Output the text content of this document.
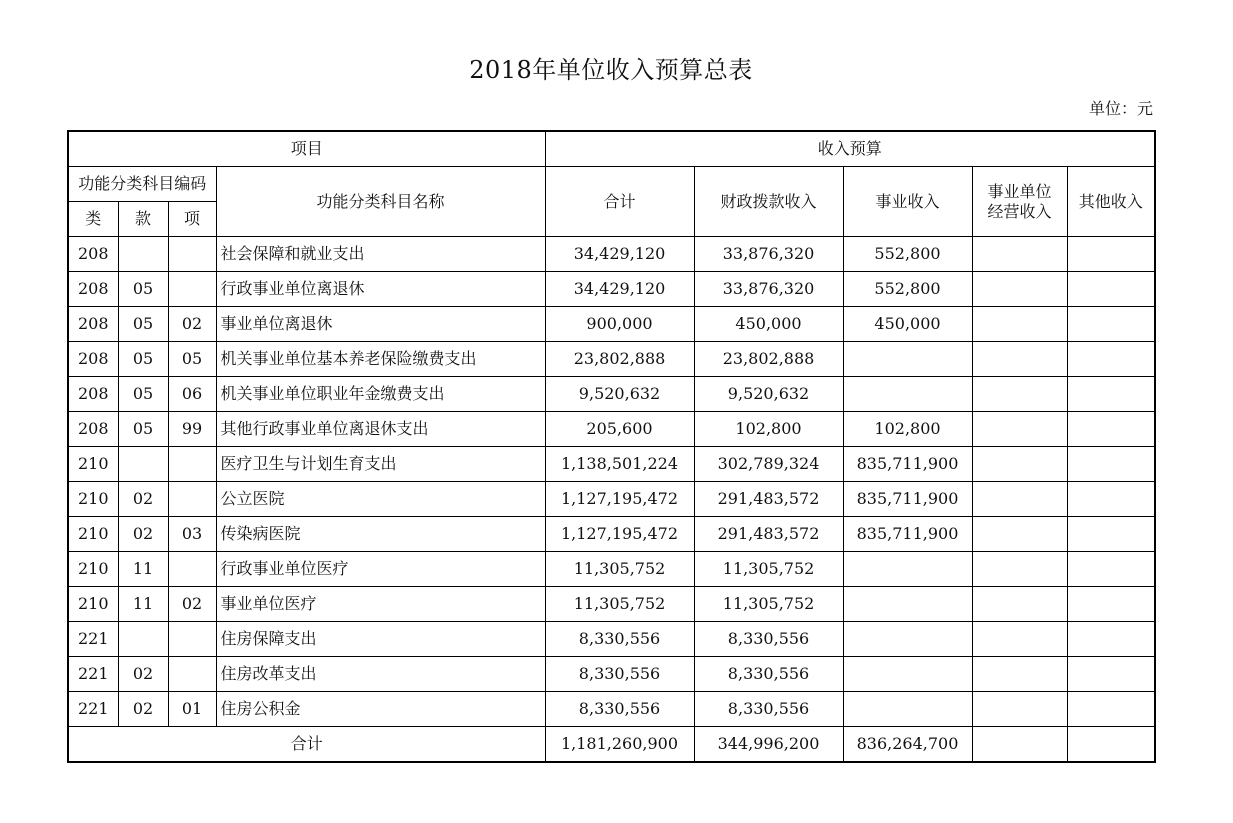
2018年单位收入预算总表
单位：元
项目				收入预算				
功能分类科目编码			功能分类科目名称	合计	财政拨款收入	事业收入	事业单位经营收入	其他收入
类	款	项						
208			社会保障和就业支出	34,429,120	33,876,320	552,800		
208	05		行政事业单位离退休	34,429,120	33,876,320	552,800		
208	05	02	事业单位离退休	900,000	450,000	450,000		
208	05	05	机关事业单位基本养老保险缴费支出	23,802,888	23,802,888			
208	05	06	机关事业单位职业年金缴费支出	9,520,632	9,520,632			
208	05	99	其他行政事业单位离退休支出	205,600	102,800	102,800		
210			医疗卫生与计划生育支出	1,138,501,224	302,789,324	835,711,900		
210	02		公立医院	1,127,195,472	291,483,572	835,711,900		
210	02	03	传染病医院	1,127,195,472	291,483,572	835,711,900		
210	11		行政事业单位医疗	11,305,752	11,305,752			
210	11	02	事业单位医疗	11,305,752	11,305,752			
221			住房保障支出	8,330,556	8,330,556			
221	02		住房改革支出	8,330,556	8,330,556			
221	02	01	住房公积金	8,330,556	8,330,556			
合计				1,181,260,900	344,996,200	836,264,700		
